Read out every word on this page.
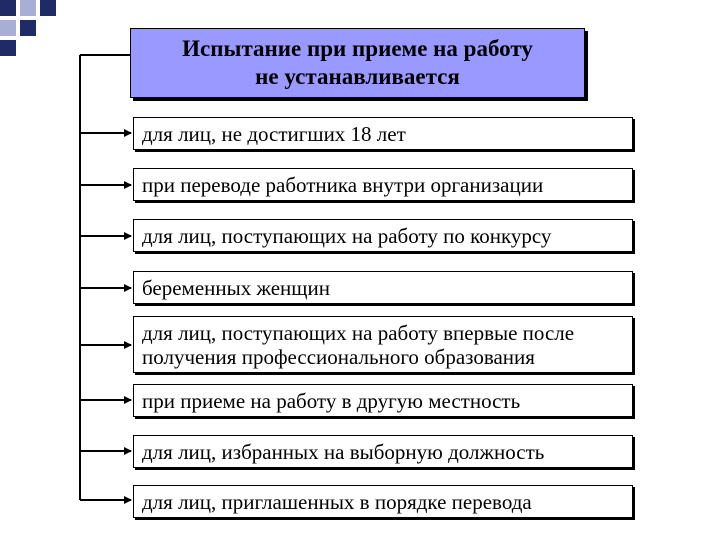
Испытание при приеме на работу
не устанавливается
для лиц, не достигших 18 лет
при переводе работника внутри организации
для лиц, поступающих на работу по конкурсу
беременных женщин
для лиц, поступающих на работу впервые после
получения профессионального образования
при приеме на работу в другую местность
для лиц, избранных на выборную должность
для лиц, приглашенных в порядке перевода
